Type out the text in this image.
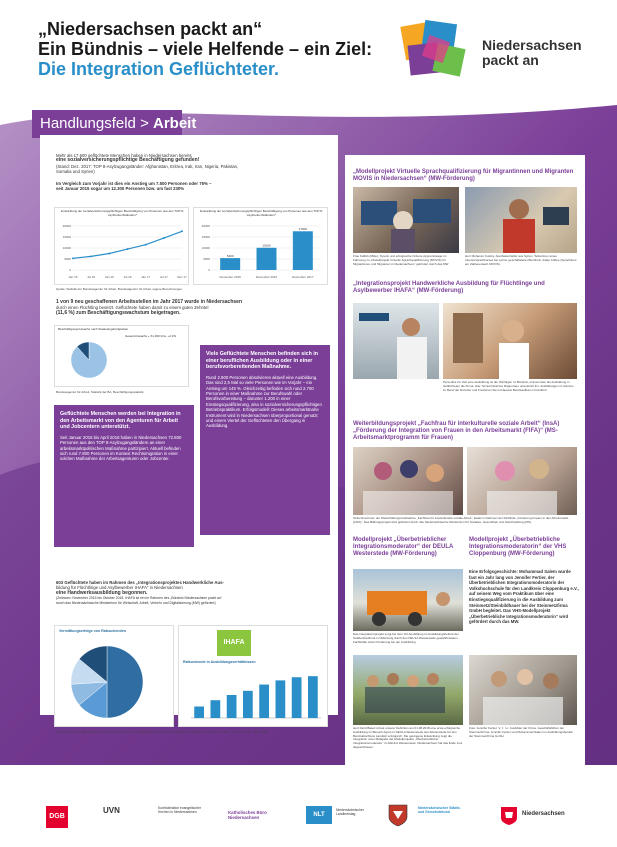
„Niedersachsen packt an“
Ein Bündnis – viele Helfende – ein Ziel:
Die Integration Geflüchteter.
Niedersachsen
packt an
Handlungsfeld > Arbeit
Mehr als 17.600 geflüchtete Menschen haben in Niedersachsen bereits
eine sozialversicherungspflichtige Beschäftigung gefunden!
(Stand: Dez. 2017; TOP 8-Asylzugangsländer: Afghanistan, Eritrea, Irak, Iran, Nigeria, Pakistan,
Somalia und Syrien)
Im Vergleich zum Vorjahr ist dies ein Anstieg um 7.500 Personen oder 75% –
seit Januar 2015 sogar um 12.300 Personen bzw. um fast 230%
Entwicklung der sozialversicherungspflichtigen Beschäftigung von Personen aus den TOP 8-Asylherkunftsländern*
0
5000
10000
15000
20000
Jan 15	Jul 15	Jan 16	Jul 16	Jan 17	Jul 17	Dez 17
Entwicklung der sozialversicherungspflichtigen Beschäftigung von Personen aus den TOP 8-Asylherkunftsländern*
0
5000
10000
15000
20000
5400
Dezember 2015
10100
Dezember 2016
17600
Dezember 2017
Quelle: Statistik der Bundesagentur für Arbeit, Bundesagentur für Arbeit, eigene Berechnungen
1 von 9 neu geschaffenen Arbeitsstellen im Jahr 2017 wurde in Niedersachsen
durch einen Flüchtling besetzt. Geflüchtete haben damit zu einem guten Zehntel
(11,6 %) zum Beschäftigungswachstum beigetragen.
Beschäftigungszuwachs nach Staatsangehörigkeiten
Gesamtzuwachs + 61.300 bzw. +2,3%
Bundesagentur für Arbeit, Statistik der BA, Beschäftigungsstatistik
Viele Geflüchtete Menschen befinden sich in einer beruflichen Ausbildung oder in einer berufsvorbereitenden Maßnahme.
Rund 2.900 Personen absolvieren aktuell eine Ausbildung. Das sind 2,5 Mal so viele Personen wie im Vorjahr – ein Anstieg um 145 %. Gleichzeitig befinden sich rund 2.700 Personen in einer Maßnahme zur Berufswahl oder Berufsvorbereitung – darunter 1.200 in einer Einstiegsqualifizierung, also in sozialversicherungspflichtigen Betriebspraktikum. Erfolgsmodell: Dieses arbeitsmarktnahe Instrument wird in Niedersachsen überproportional genutzt und einem Viertel der Geflüchteten den Übergang in Ausbildung.
Geflüchtete Menschen werden bei Integration in den Arbeitsmarkt von den Agenturen für Arbeit und Jobcentern unterstützt.
Seit Januar 2015 bis April 2018 haben in Niedersachsen 72.800 Personen aus den TOP 8-Asylzugangsländern an einer arbeitsmarktpolitischen Maßnahme partizipiert. Aktuell befinden sich rund 7.800 Personen im Kontext Rechtsmigration in einer solchen Maßnahme der Arbeitsagenturen oder Jobcenter.
603 Geflüchtete haben im Rahmen des „Integrationsprojektes Handwerkliche Aus-
bildung für Flüchtlinge und Asylbewerber IHAFA“ in Niedersachsen
eine Handwerksausbildung begonnen.
(Zeitraum: November 2015 bis Oktober 2018, IHAFA ist ein im Rahmen des „Bündnis Niedersachsen packt an“
durch das Niedersächsische Ministerium für Wirtschaft, Arbeit, Verkehr und Digitalisierung (MW) gefördert)
Vermittlungserfolge von Ratsuchenden
IHAFA
Ratsuchende in Ausbildungsverhältnissen
Gesamtzahlen der Mitarbeitenden aus Handwerkskammern, Ausbildungsberatung und Vermittlung im Rahmen von IHAFA in Zahlen von Nov. 2015 – Okt. 2018
„Modellprojekt Virtuelle Sprachqualifizierung für Migrantinnen und Migranten MOVIS in Niedersachsen“ (MW-Förderung)
Frau Kaffah (Mitte), Syrerin und erfolgreiche Ordens-Apprentissage im Fahrzeug zu „Modellprojekt Virtuelle Sprachqualifizierung (MOVIS) für Migrantinnen und Migranten in Niedersachsen“ gefördert durch das MW.
Herr Mohamm Kutuby, Apothekenhelfer aus Syrien. Teilnehmer eines Intensivsprachkurses bei Lehrer geschäftsleiter Buchholz, dabei Coffee (Sprachkurs am Zahlenerwerb MOVIS).
„Integrationsprojekt Handwerkliche Ausbildung für Flüchtlinge und Asylbewerber IHAFA“ (MW-Förderung)
Personbis zur Zeit eine Ausbildung ist der Wichtigen im Bündnis, einmal unter als Ausbildung in Geflüchteten die Firma. Hier: Nimidi Ghazzal, Rapporteur unterstützt ihn. Ausbildungen im Ganzen im Beruf der Erzieher und Freshman Sie ist Hausrat Berufsaufbau in Frankfurt.
Weiterbildungsprojekt „Fachfrau für interkulturelle soziale Arbeit“ (InsA) „Förderung der Integration von Frauen in den Arbeitsmarkt (FIFA)“ (MS-Arbeitsmarktprogramm für Frauen)
Teilnehmerinnen der Weiterbildungsmaßnahme „Fachfrau für interkulturelle soziale Arbeit“. Exakt im Rahmen der Richtlinie „Förderung Frauen in den Arbeitsmarkt (FIFA)“. Das Bildungsprojekt wird gefördert durch das Niedersächsische Ministerium für Soziales, Gesundheit und Gleichstellung (MS).
Modellprojekt „Überbetrieblicher Integrationsmoderator“ der DEULA Westerstede (MW-Förderung)
Das Integrationsprojekt sorgt bei dem Ort Ausbildung im Ausbildungsbetrieb der Straßenbaufirma in Oldenburg durch den DEULA Westerstede gewährleisteten Fachkräfte sofort Förderung bei der Ausbildung.
Herr Farid Basel ist laut unserer Definition am 01.08.2018 eine erste erfolgreiche Ausbildung im Bereich Agrar im DEULA Westerstede aus Westerstede für den Berufsabschluss Landwirt erfolgreich. Die gelungene Entwicklung zeigt die Integration unter Maßgabe der Modellprojekte „Überbetrieblicher Integrationsmoderator“ im DEULA Westerstede. Niedersachsen hat das Ende Juni abgeschlossen.
Modellprojekt „Überbetriebliche Integrationsmoderatorin“ der VHS Cloppenburg (MW-Förderung)
Eine Erfolgsgeschichte: Mohammad Salem wurde fast ein Jahr lang von Jennifer Fertier, der Überbetrieblichen Integrationsmoderatorin der Volkshochschule für den Landkreis Cloppenburg e.V., auf seinem Weg vom Praktikum über eine Einstiegsqualifizierung in die Ausbildung zum Steinmetz/Steinbildhauer bei der Steinmetzfirma GmbH begleitet. Das VHS-Modellprojekt „Überbetriebliche Integrationsmoderatorin“ wird gefördert durch das MW.
Foto: Jennifer Fertier. V. l.: n.r. Ausbilder der Firma, Geschäftsführer der Steinmetzfirma, Jennifer Fertier und Mohammad Salem im Ausbildungsbetrieb der Steinmetzfirma GmbH.
DGB
UVN	Konföderation evangelischer Kirchen in Niedersachsen	Katholisches Büro Niedersachsen	NLT
Niedersächsischer Landkreistag
Niedersächsischer Städte- und Gemeindebund	Niedersachsen
